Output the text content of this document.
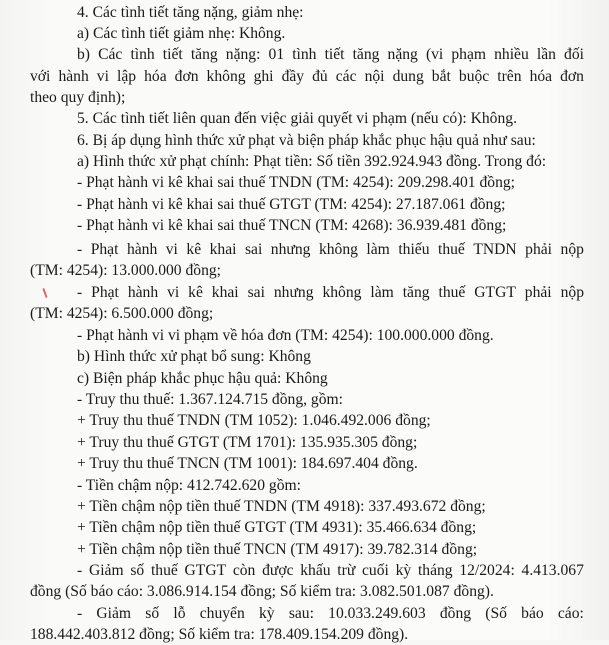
4. Các tình tiết tăng nặng, giảm nhẹ:
a) Các tình tiết giảm nhẹ: Không.
b) Các tình tiết tăng nặng: 01 tình tiết tăng nặng (vi phạm nhiều lần đối
với hành vi lập hóa đơn không ghi đầy đủ các nội dung bắt buộc trên hóa đơn
theo quy định);
5. Các tình tiết liên quan đến việc giải quyết vi phạm (nếu có): Không.
6. Bị áp dụng hình thức xử phạt và biện pháp khắc phục hậu quả như sau:
a) Hình thức xử phạt chính: Phạt tiền: Số tiền 392.924.943 đồng. Trong đó:
- Phạt hành vi kê khai sai thuế TNDN (TM: 4254): 209.298.401 đồng;
- Phạt hành vi kê khai sai thuế GTGT (TM: 4254): 27.187.061 đồng;
- Phạt hành vi kê khai sai thuế TNCN (TM: 4268): 36.939.481 đồng;
- Phạt hành vi kê khai sai nhưng không làm thiếu thuế TNDN phải nộp
(TM: 4254): 13.000.000 đồng;
- Phạt hành vi kê khai sai nhưng không làm tăng thuế GTGT phải nộp
(TM: 4254): 6.500.000 đồng;
- Phạt hành vi vi phạm về hóa đơn (TM: 4254): 100.000.000 đồng.
b) Hình thức xử phạt bổ sung: Không
c) Biện pháp khắc phục hậu quả: Không
- Truy thu thuế: 1.367.124.715 đồng, gồm:
+ Truy thu thuế TNDN (TM 1052): 1.046.492.006 đồng;
+ Truy thu thuế GTGT (TM 1701): 135.935.305 đồng;
+ Truy thu thuế TNCN (TM 1001): 184.697.404 đồng.
- Tiền chậm nộp: 412.742.620 gồm:
+ Tiền chậm nộp tiền thuế TNDN (TM 4918): 337.493.672 đồng;
+ Tiền chậm nộp tiền thuế GTGT (TM 4931): 35.466.634 đồng;
+ Tiền chậm nộp tiền thuế TNCN (TM 4917): 39.782.314 đồng;
- Giảm số thuế GTGT còn được khấu trừ cuối kỳ tháng 12/2024: 4.413.067
đồng (Số báo cáo: 3.086.914.154 đồng; Số kiểm tra: 3.082.501.087 đồng).
- Giảm số lỗ chuyển kỳ sau: 10.033.249.603 đồng (Số báo cáo:
188.442.403.812 đồng; Số kiểm tra: 178.409.154.209 đồng).
